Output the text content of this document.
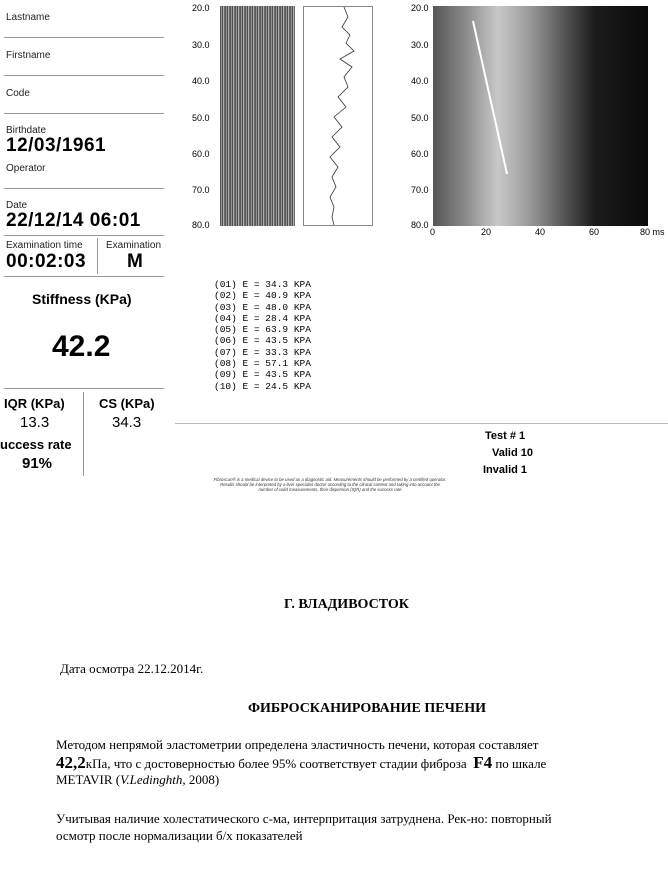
Lastname
Firstname
Code
Birthdate
12/03/1961
Operator
Date
22/12/14 06:01
Examination time
00:02:03
Examination
M
Stiffness (KPa)
42.2
IQR (KPa)
13.3
CS (KPa)
34.3
uccess rate
91%
20.0
30.0
40.0
50.0
60.0
70.0
80.0
20.0
30.0
40.0
50.0
60.0
70.0
80.0
0	20	40	60	80 ms
(01) E = 34.3 KPA
(02) E = 40.9 KPA
(03) E = 48.0 KPA
(04) E = 28.4 KPA
(05) E = 63.9 KPA
(06) E = 43.5 KPA
(07) E = 33.3 KPA
(08) E = 57.1 KPA
(09) E = 43.5 KPA
(10) E = 24.5 KPA
Test # 1
Valid 10
Invalid 1
Fibroscan® is a medical device to be used as a diagnostic aid. Measurements should be performed by a certified operator.
Results should be interpreted by a liver specialist doctor according to the clinical context and taking into account the
number of valid measurements, their dispersion (IQR) and the success rate
Г. ВЛАДИВОСТОК
Дата осмотра 22.12.2014г.
ФИБРОСКАНИРОВАНИЕ ПЕЧЕНИ
Методом непрямой эластометрии определена эластичность печени, которая составляет
42,2кПа, что с достоверностью более 95% соответствует стадии фиброза F4 по шкале
METAVIR (V.Ledinghth, 2008)
Учитывая наличие холестатического с-ма, интерпритация затруднена. Рек-но: повторный
осмотр после нормализации б/х показателей
